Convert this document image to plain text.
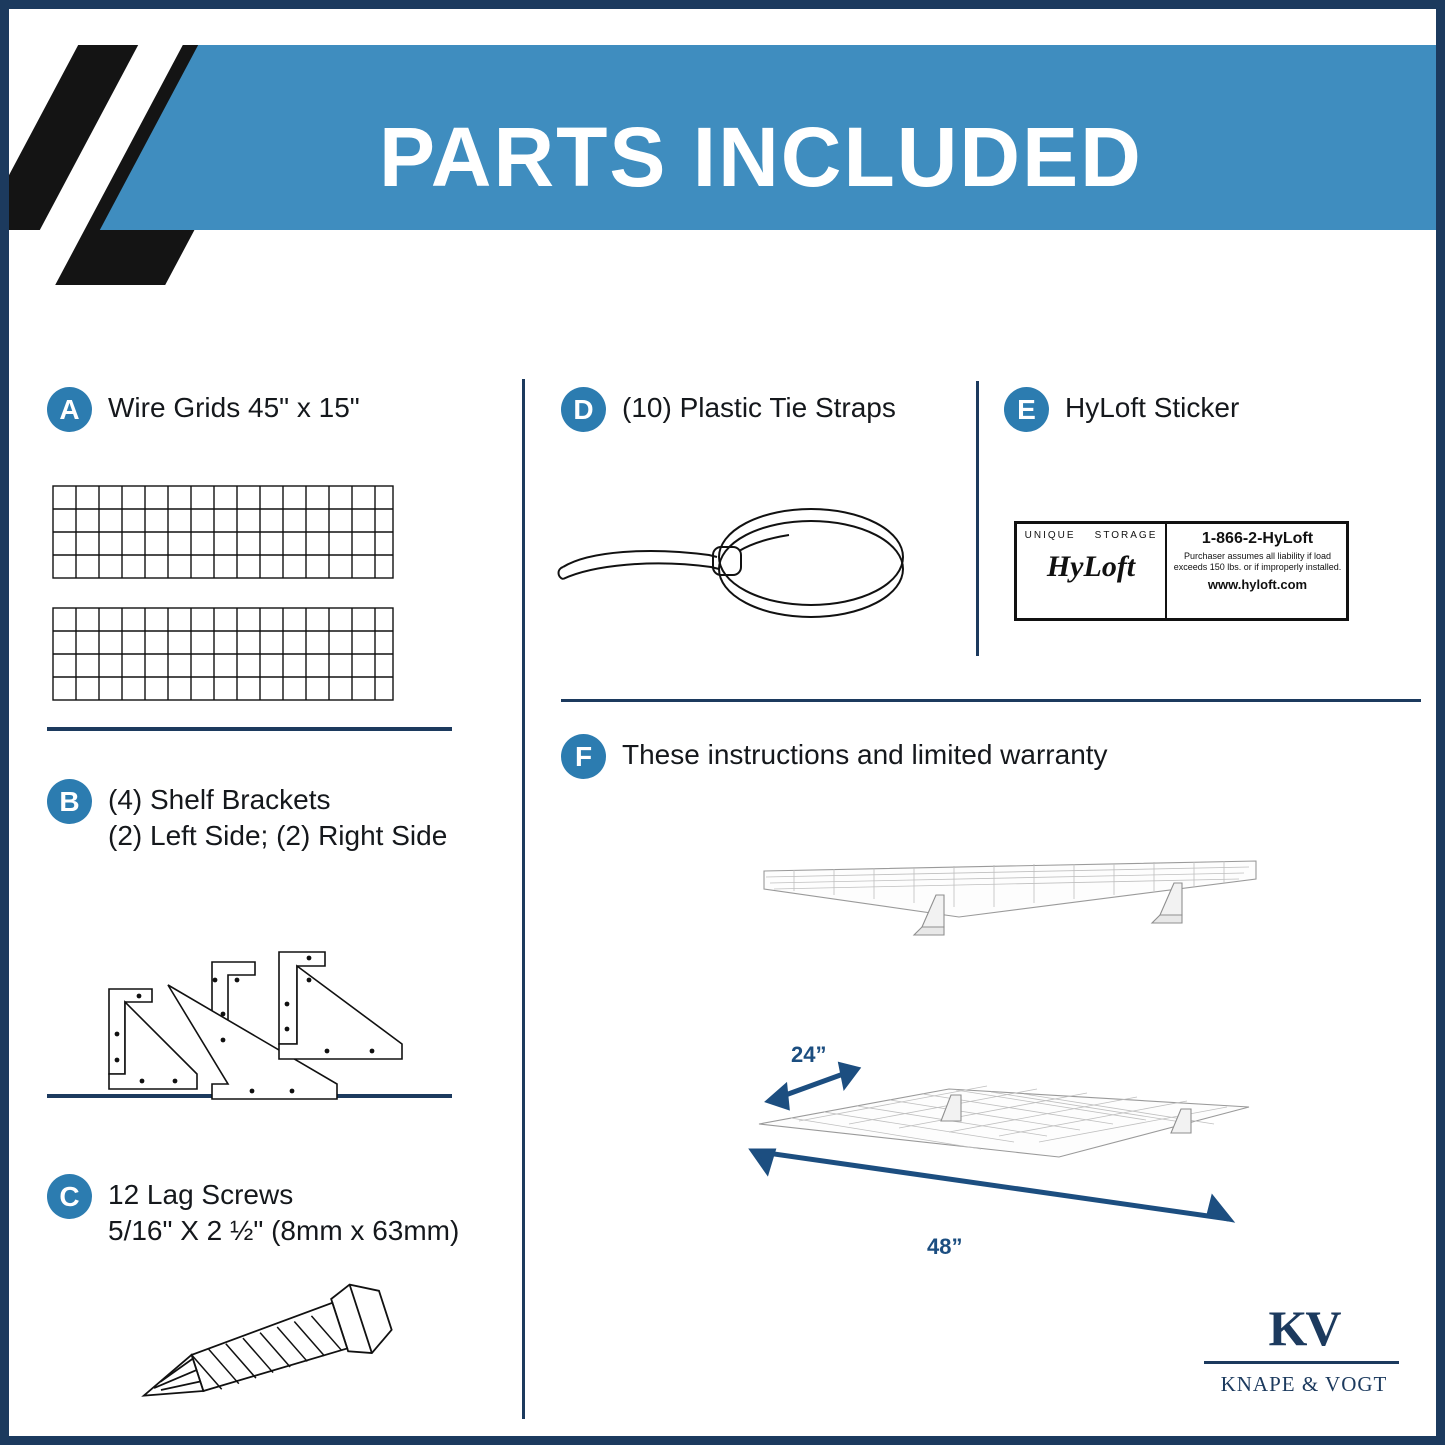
PARTS INCLUDED
A	Wire Grids 45" x 15"
B	(4) Shelf Brackets
(2) Left Side; (2) Right Side
C	12 Lag Screws
5/16" X 2 ½" (8mm x 63mm)
D	(10) Plastic Tie Straps	E	HyLoft Sticker
UNIQUE STORAGE
HyLoft
1-866-2-HyLoft
Purchaser assumes all liability if load exceeds 150 lbs. or if improperly installed.
www.hyloft.com
F	These instructions and limited warranty
24”
48”
KV
KNAPE & VOGT
